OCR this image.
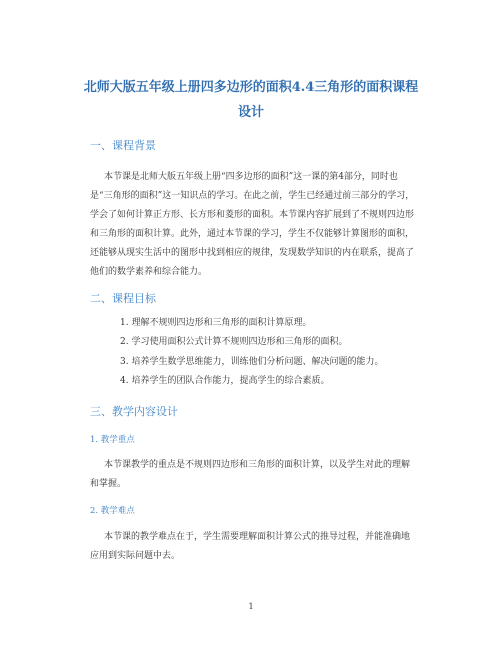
北师大版五年级上册四多边形的面积4.4三角形的面积课程
设计
一、课程背景
本节课是北师大版五年级上册“四多边形的面积”这一课的第4部分，同时也
是“三角形的面积”这一知识点的学习。在此之前，学生已经通过前三部分的学习，
学会了如何计算正方形、长方形和菱形的面积。本节课内容扩展到了不规则四边形
和三角形的面积计算。此外，通过本节课的学习，学生不仅能够计算图形的面积，
还能够从现实生活中的图形中找到相应的规律，发现数学知识的内在联系，提高了
他们的数学素养和综合能力。
二、课程目标
1. 理解不规则四边形和三角形的面积计算原理。
2. 学习使用面积公式计算不规则四边形和三角形的面积。
3. 培养学生数学思维能力，训练他们分析问题、解决问题的能力。
4. 培养学生的团队合作能力，提高学生的综合素质。
三、教学内容设计
1. 教学重点
本节课教学的重点是不规则四边形和三角形的面积计算，以及学生对此的理解
和掌握。
2. 教学难点
本节课的教学难点在于，学生需要理解面积计算公式的推导过程，并能准确地
应用到实际问题中去。
1
